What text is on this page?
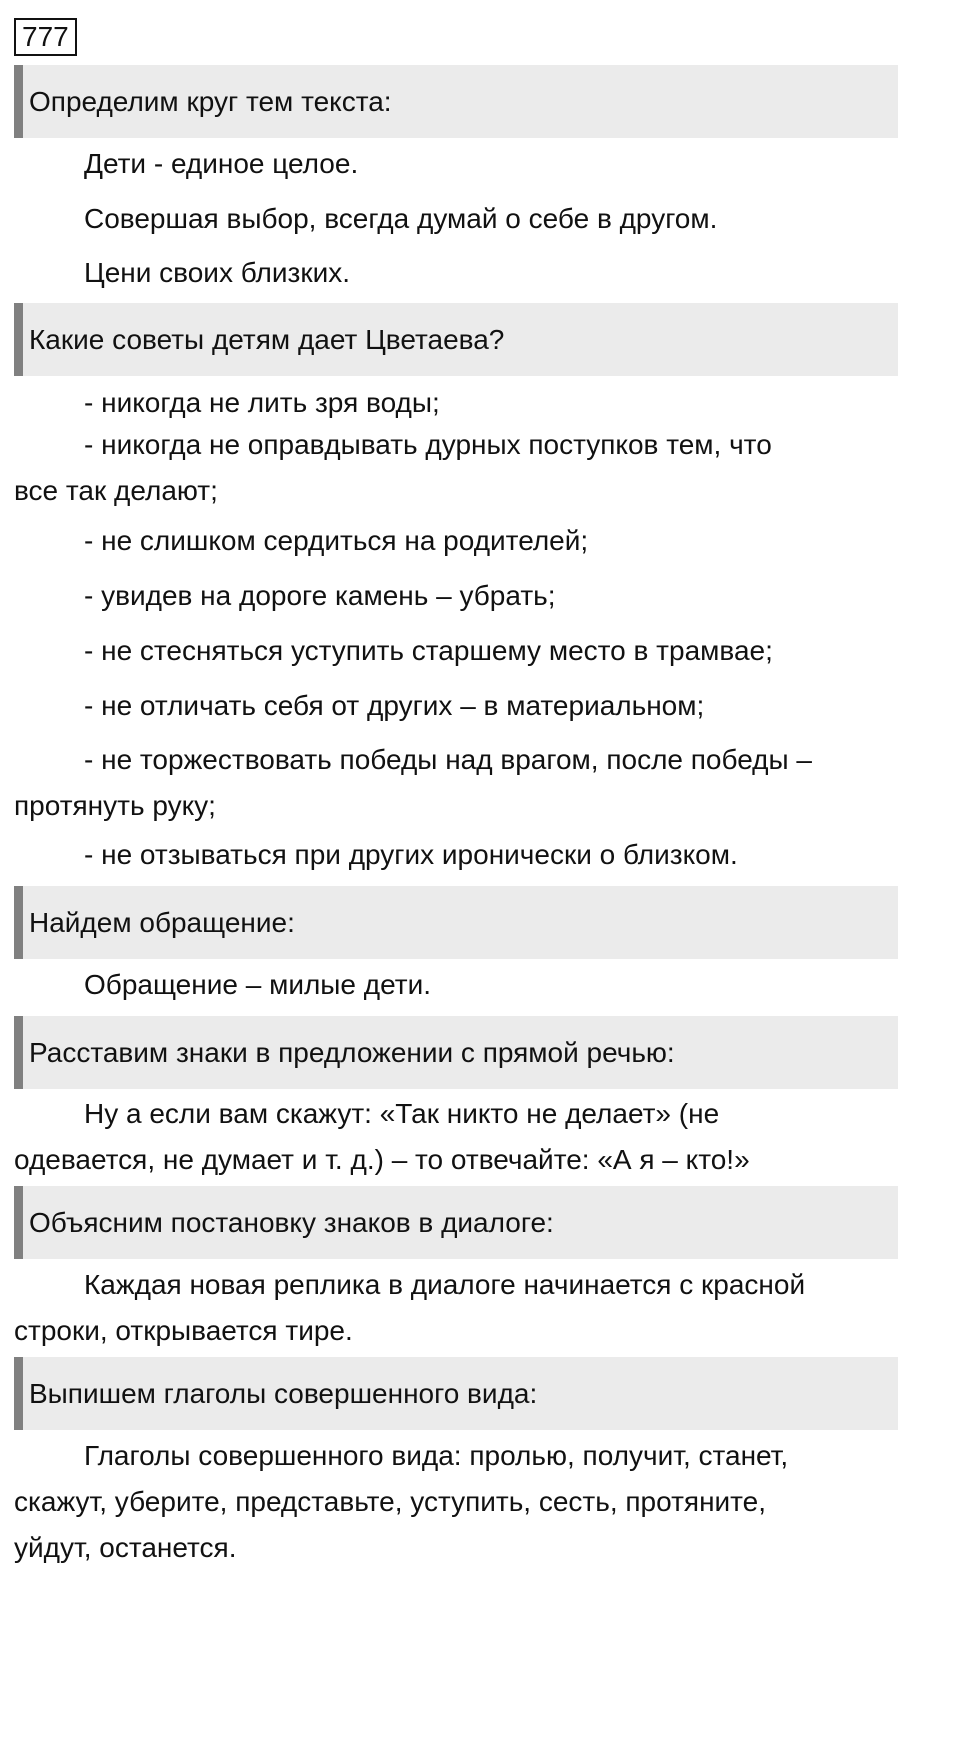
777
Определим круг тем текста:
Дети - единое целое.
Совершая выбор, всегда думай о себе в другом.
Цени своих близких.
Какие советы детям дает Цветаева?
- никогда не лить зря воды;
- никогда не оправдывать дурных поступков тем, что все так делают;
- не слишком сердиться на родителей;
- увидев на дороге камень – убрать;
- не стесняться уступить старшему место в трамвае;
- не отличать себя от других – в материальном;
- не торжествовать победы над врагом, после победы – протянуть руку;
- не отзываться при других иронически о близком.
Найдем обращение:
Обращение – милые дети.
Расставим знаки в предложении с прямой речью:
Ну а если вам скажут: «Так никто не делает» (не одевается, не думает и т. д.) – то отвечайте: «А я – кто!»
Объясним постановку знаков в диалоге:
Каждая новая реплика в диалоге начинается с красной строки, открывается тире.
Выпишем глаголы совершенного вида:
Глаголы совершенного вида: пролью, получит, станет, скажут, уберите, представьте, уступить, сесть, протяните, уйдут, останется.
